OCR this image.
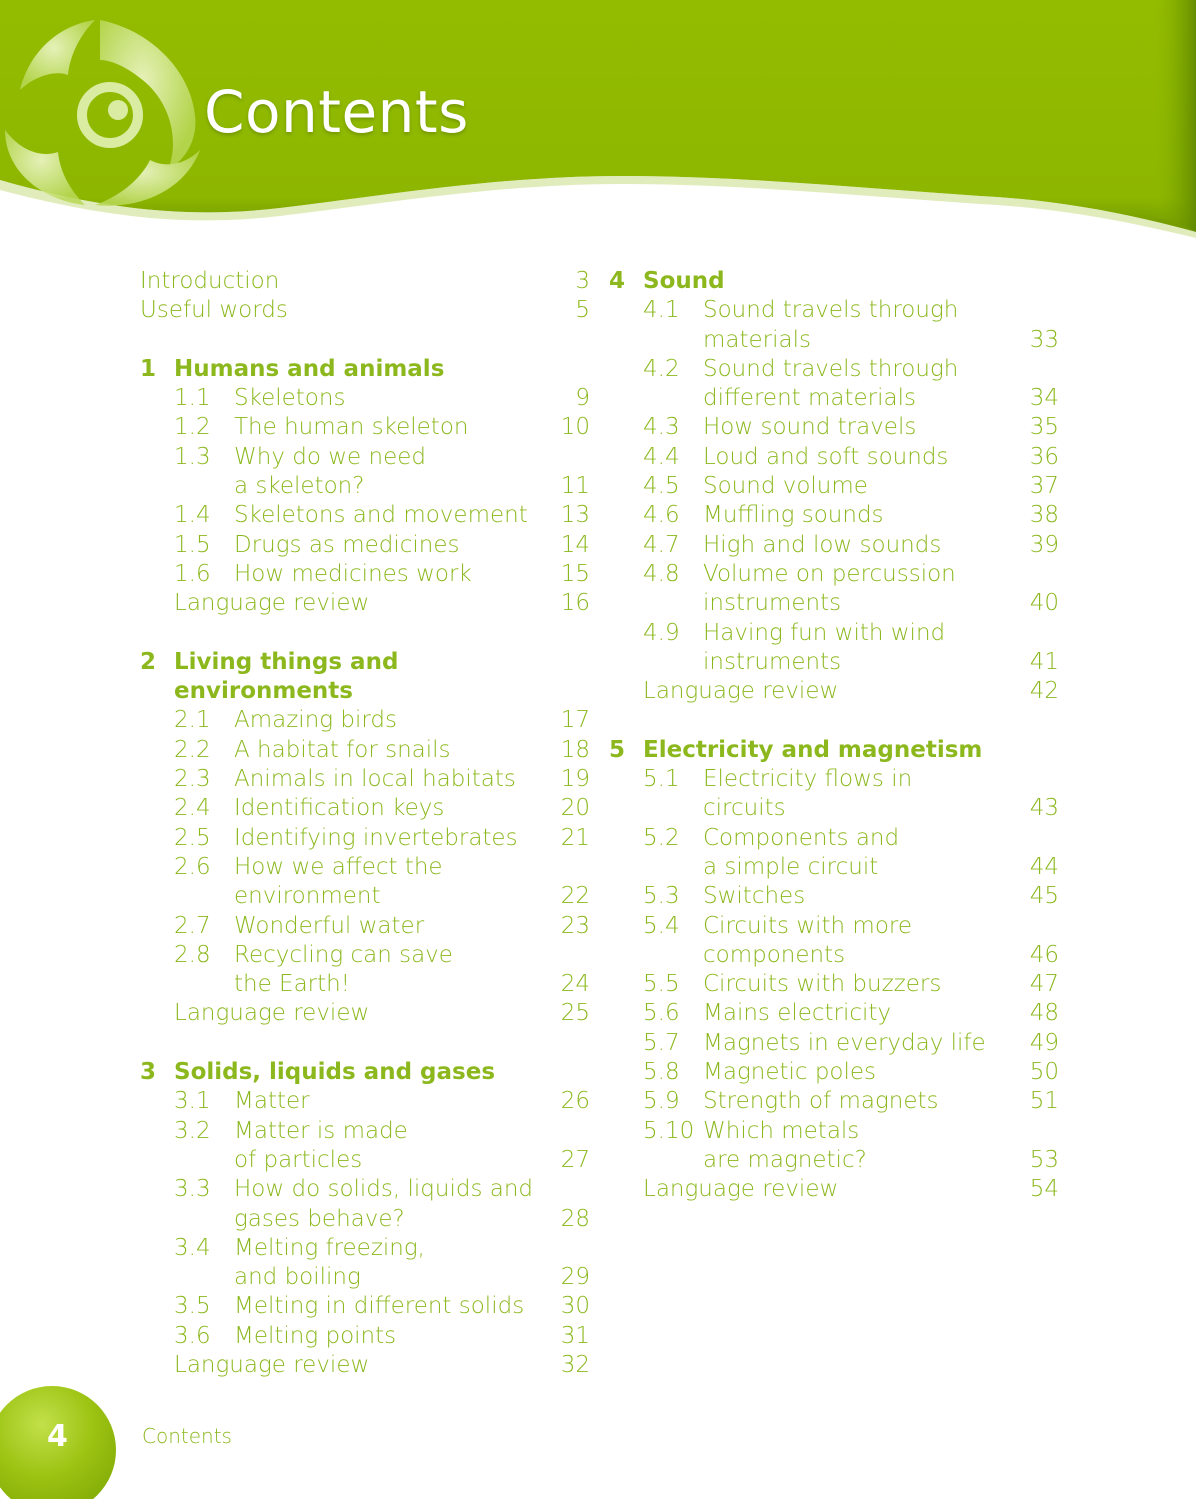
Contents
Introduction	3
Useful words	5
1 Humans and animals
1.1 Skeletons	9
1.2 The human skeleton	10
1.3 Why do we need
a skeleton?	11
1.4 Skeletons and movement 13
1.5 Drugs as medicines	14
1.6 How medicines work	15
Language review	16
2 Living things and
environments
2.1 Amazing birds	17
2.2 A habitat for snails	18
2.3 Animals in local habitats 19
2.4 Identification keys	20
2.5 Identifying invertebrates 21
2.6 How we affect the
environment	22
2.7 Wonderful water	23
2.8 Recycling can save
the Earth!	24
Language review	25
3 Solids, liquids and gases
3.1 Matter	26
3.2 Matter is made
of particles	27
3.3 How do solids, liquids and
gases behave?	28
3.4 Melting freezing,
and boiling	29
3.5 Melting in different solids 30
3.6 Melting points	31
Language review	32
4 Sound
4.1 Sound travels through
materials	33
4.2 Sound travels through
different materials	34
4.3 How sound travels	35
4.4 Loud and soft sounds	36
4.5 Sound volume	37
4.6 Muffling sounds	38
4.7 High and low sounds	39
4.8 Volume on percussion
instruments	40
4.9 Having fun with wind
instruments	41
Language review	42
5 Electricity and magnetism
5.1 Electricity flows in
circuits	43
5.2 Components and
a simple circuit	44
5.3 Switches	45
5.4 Circuits with more
components	46
5.5 Circuits with buzzers	47
5.6 Mains electricity	48
5.7 Magnets in everyday life 49
5.8 Magnetic poles	50
5.9 Strength of magnets	51
5.10 Which metals
are magnetic?	53
Language review	54
4	Contents
